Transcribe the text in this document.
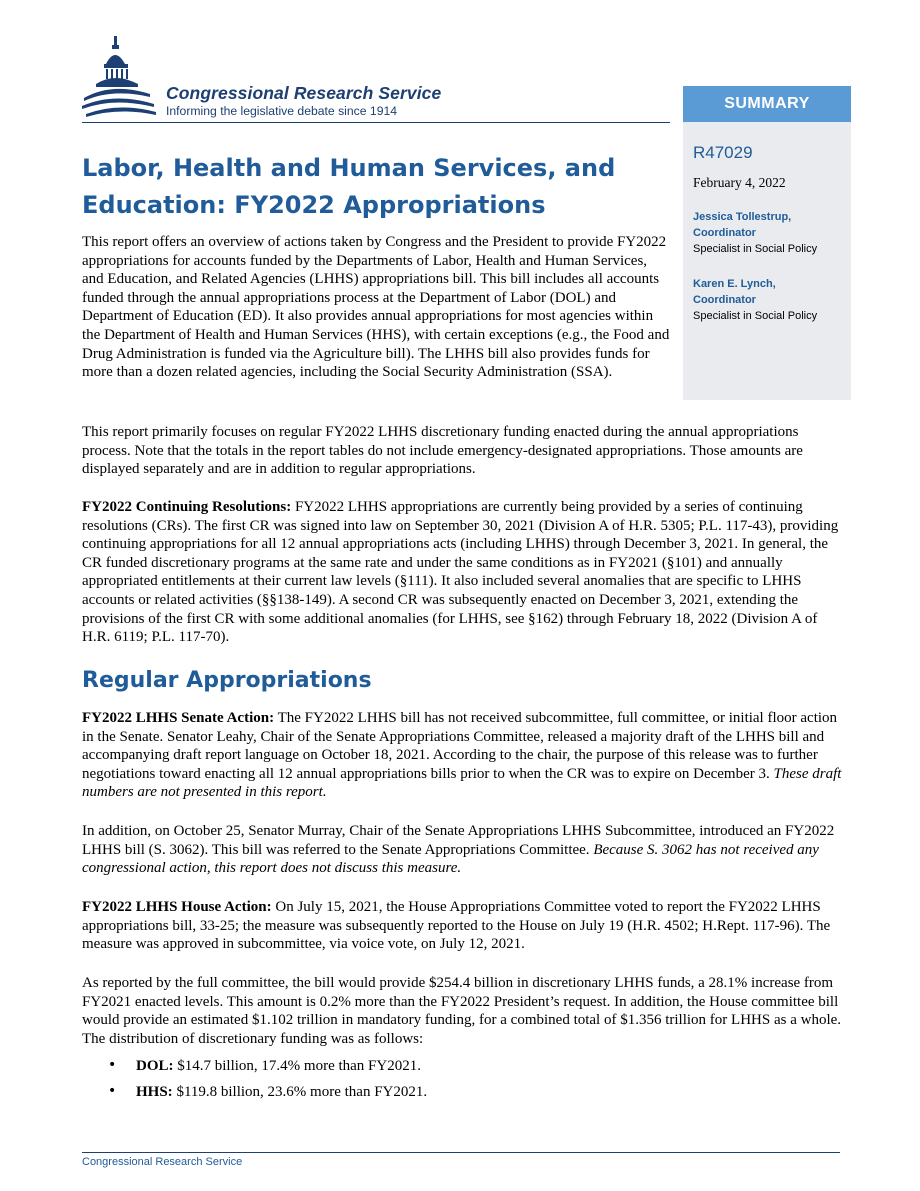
Congressional Research Service
Informing the legislative debate since 1914	SUMMARY
R47029
February 4, 2022
Jessica Tollestrup,
Coordinator
Specialist in Social Policy
Karen E. Lynch,
Coordinator
Specialist in Social Policy
Labor, Health and Human Services, and Education: FY2022 Appropriations

This report offers an overview of actions taken by Congress and the President to provide FY2022 appropriations for accounts funded by the Departments of Labor, Health and Human Services, and Education, and Related Agencies (LHHS) appropriations bill. This bill includes all accounts funded through the annual appropriations process at the Department of Labor (DOL) and Department of Education (ED). It also provides annual appropriations for most agencies within the Department of Health and Human Services (HHS), with certain exceptions (e.g., the Food and Drug Administration is funded via the Agriculture bill). The LHHS bill also provides funds for more than a dozen related agencies, including the Social Security Administration (SSA).

This report primarily focuses on regular FY2022 LHHS discretionary funding enacted during the annual appropriations process. Note that the totals in the report tables do not include emergency-designated appropriations. Those amounts are displayed separately and are in addition to regular appropriations.

FY2022 Continuing Resolutions: FY2022 LHHS appropriations are currently being provided by a series of continuing resolutions (CRs). The first CR was signed into law on September 30, 2021 (Division A of H.R. 5305; P.L. 117-43), providing continuing appropriations for all 12 annual appropriations acts (including LHHS) through December 3, 2021. In general, the CR funded discretionary programs at the same rate and under the same conditions as in FY2021 (§101) and annually appropriated entitlements at their current law levels (§111). It also included several anomalies that are specific to LHHS accounts or related activities (§§138-149). A second CR was subsequently enacted on December 3, 2021, extending the provisions of the first CR with some additional anomalies (for LHHS, see §162) through February 18, 2022 (Division A of H.R. 6119; P.L. 117-70).

Regular Appropriations

FY2022 LHHS Senate Action: The FY2022 LHHS bill has not received subcommittee, full committee, or initial floor action in the Senate. Senator Leahy, Chair of the Senate Appropriations Committee, released a majority draft of the LHHS bill and accompanying draft report language on October 18, 2021. According to the chair, the purpose of this release was to further negotiations toward enacting all 12 annual appropriations bills prior to when the CR was to expire on December 3. These draft numbers are not presented in this report.

In addition, on October 25, Senator Murray, Chair of the Senate Appropriations LHHS Subcommittee, introduced an FY2022 LHHS bill (S. 3062). This bill was referred to the Senate Appropriations Committee. Because S. 3062 has not received any congressional action, this report does not discuss this measure.

FY2022 LHHS House Action: On July 15, 2021, the House Appropriations Committee voted to report the FY2022 LHHS appropriations bill, 33-25; the measure was subsequently reported to the House on July 19 (H.R. 4502; H.Rept. 117-96). The measure was approved in subcommittee, via voice vote, on July 12, 2021.

As reported by the full committee, the bill would provide $254.4 billion in discretionary LHHS funds, a 28.1% increase from FY2021 enacted levels. This amount is 0.2% more than the FY2022 President’s request. In addition, the House committee bill would provide an estimated $1.102 trillion in mandatory funding, for a combined total of $1.356 trillion for LHHS as a whole. The distribution of discretionary funding was as follows:

• DOL: $14.7 billion, 17.4% more than FY2021.
• HHS: $119.8 billion, 23.6% more than FY2021.
Congressional Research Service
